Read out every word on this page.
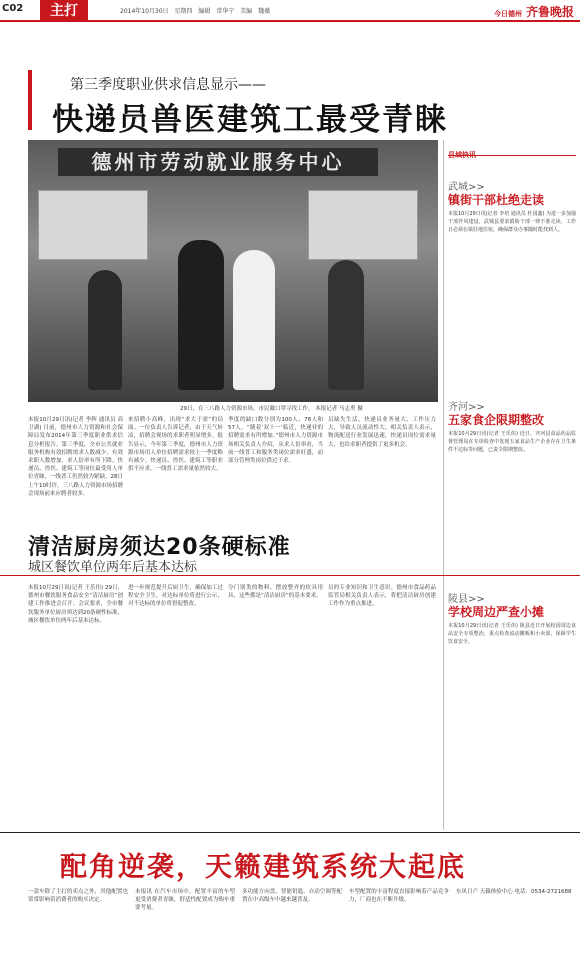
C02	主打	2014年10月30日 星期四 编辑 常华宁 美编 魏薇	今日德州 齐鲁晚报
第三季度职业供求信息显示——
快递员兽医建筑工最受青睐
德州市劳动就业服务中心
29日，在三八路人力资源市场，市民戴口罩寻找工作。 本报记者 马志勇 摄
本报10月29日讯(记者 李辉 通讯员 高卫湖) 日前，德州市人力资源和社会保障局发布2014年第三季度职业供求信息分析报告。第三季度，全市公共就业服务机构有效招聘需求人数减少，有效求职人数增加，求人倍率有所下降。快递员、兽医、建筑工等岗位最受用人单位青睐，一线普工仍然较为紧缺。28日上午10时许，三八路人力资源市场招聘会现场前来应聘者较多。
来招聘小高峰，出现“求大于需”的局面。一位负责人告诉记者，由于天气转凉，招聘会现场的求职者明显增多。报告显示，今年第三季度，德州市人力资源市场用人单位招聘需求较上一季度略有减少。快递员、兽医、建筑工等职业供不应求，一线普工需求量依然较大。
季度的缺口数分别为100人、78人和57人。“随着‘双十一’临近，快递业的招聘需求有所增加。”德州市人力资源市场相关负责人介绍，从求人倍率看，当前一线普工和服务类岗位需求旺盛，而部分管理类岗位供过于求。
员缺失生活，快递员业务量大、工作压力大，导致人员流动性大。相关负责人表示，物流配送行业发展迅速，快递员岗位需求量大，也给求职者提供了更多机会。
县域快讯
武城>>
镇街干部杜绝走读
本报10月29日讯(记者 李培 通讯员 杜国鑫) 为进一步加强干部作风建设，武城县要求镇街干部一律不准走读，工作日必须在镇驻地住宿，确保群众办事随时能找到人。
齐河>>
五家食企限期整改
本报10月29日讯(记者 王乐伟) 近日，齐河县食品药品监督管理局在专项检查中发现五家食品生产企业存在卫生条件不达标等问题，已责令限期整改。
陵县>>
学校周边严查小摊
本报10月29日讯(记者 王乐伟) 陵县近日开展校园周边食品安全专项整治，重点检查流动摊贩和小卖部，保障学生饮食安全。
清洁厨房须达20条硬标准
城区餐饮单位两年后基本达标
本报10月29日讯(记者 王乐伟) 29日，德州市餐饮服务食品安全“清洁厨房”创建工作推进会召开。会议要求，全市餐饮服务单位厨房须达到20条硬性标准，城区餐饮单位两年后基本达标。
进一步规范提升后厨卫生，确保加工过程安全卫生。对达标单位将进行公示，对不达标的单位将督促整改。
分门别类的物料、摆放整齐的炊具用具，这些都是“清洁厨房”的基本要求。
员的专业知识和卫生意识。德州市食品药品监管局相关负责人表示，将把清洁厨房创建工作作为重点推进。
配角逆袭，天籁建筑系统大起底
一款车除了主打的卖点之外，其他配置也常常影响着消费者的购买决定。
本报讯 在汽车市场中，配置丰富的车型更受消费者青睐，舒适性配置成为购车重要考量。
多功能方向盘、智能钥匙、自动空调等配置在中高级车中越来越普及。
车型配置的丰富程度直接影响着产品竞争力，厂商也在不断升级。
东风日产 天籁体验中心 电话：0534-2721688
